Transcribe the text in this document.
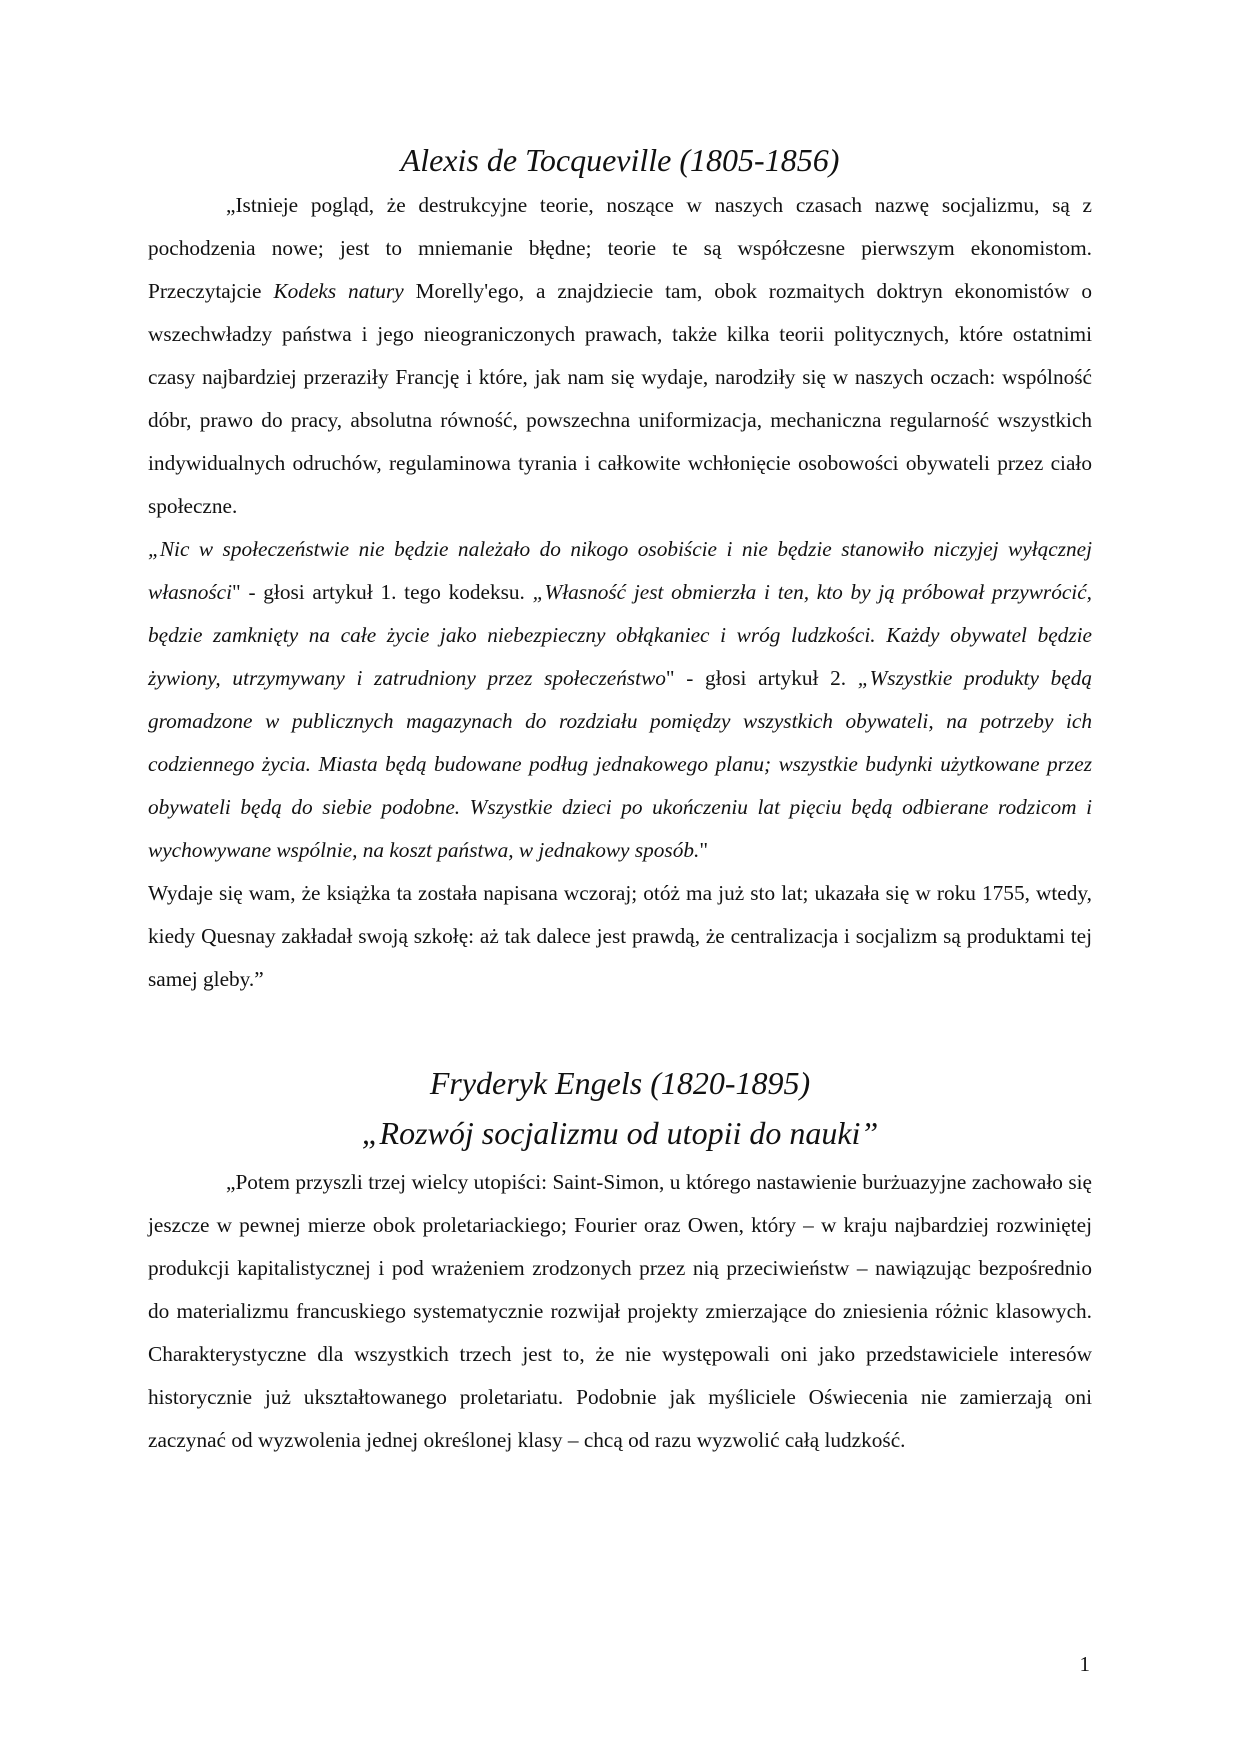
Alexis de Tocqueville (1805-1856)

„Istnieje pogląd, że destrukcyjne teorie, noszące w naszych czasach nazwę socjalizmu, są z pochodzenia nowe; jest to mniemanie błędne; teorie te są współczesne pierwszym ekonomistom. Przeczytajcie Kodeks natury Morelly'ego, a znajdziecie tam, obok rozmaitych doktryn ekonomistów o wszechwładzy państwa i jego nieograniczonych prawach, także kilka teorii politycznych, które ostatnimi czasy najbardziej przeraziły Francję i które, jak nam się wydaje, narodziły się w naszych oczach: wspólność dóbr, prawo do pracy, absolutna równość, powszechna uniformizacja, mechaniczna regularność wszystkich indywidualnych odruchów, regulaminowa tyrania i całkowite wchłonięcie osobowości obywateli przez ciało społeczne.

„Nic w społeczeństwie nie będzie należało do nikogo osobiście i nie będzie stanowiło niczyjej wyłącznej własności" - głosi artykuł 1. tego kodeksu. „Własność jest obmierzła i ten, kto by ją próbował przywrócić, będzie zamknięty na całe życie jako niebezpieczny obłąkaniec i wróg ludzkości. Każdy obywatel będzie żywiony, utrzymywany i zatrudniony przez społeczeństwo" - głosi artykuł 2. „Wszystkie produkty będą gromadzone w publicznych magazynach do rozdziału pomiędzy wszystkich obywateli, na potrzeby ich codziennego życia. Miasta będą budowane podług jednakowego planu; wszystkie budynki użytkowane przez obywateli będą do siebie podobne. Wszystkie dzieci po ukończeniu lat pięciu będą odbierane rodzicom i wychowywane wspólnie, na koszt państwa, w jednakowy sposób."

Wydaje się wam, że książka ta została napisana wczoraj; otóż ma już sto lat; ukazała się w roku 1755, wtedy, kiedy Quesnay zakładał swoją szkołę: aż tak dalece jest prawdą, że centralizacja i socjalizm są produktami tej samej gleby.”

Fryderyk Engels (1820-1895)
„Rozwój socjalizmu od utopii do nauki”

„Potem przyszli trzej wielcy utopiści: Saint-Simon, u którego nastawienie burżuazyjne zachowało się jeszcze w pewnej mierze obok proletariackiego; Fourier oraz Owen, który – w kraju najbardziej rozwiniętej produkcji kapitalistycznej i pod wrażeniem zrodzonych przez nią przeciwieństw – nawiązując bezpośrednio do materializmu francuskiego systematycznie rozwijał projekty zmierzające do zniesienia różnic klasowych. Charakterystyczne dla wszystkich trzech jest to, że nie występowali oni jako przedstawiciele interesów historycznie już ukształtowanego proletariatu. Podobnie jak myśliciele Oświecenia nie zamierzają oni zaczynać od wyzwolenia jednej określonej klasy – chcą od razu wyzwolić całą ludzkość.

1
